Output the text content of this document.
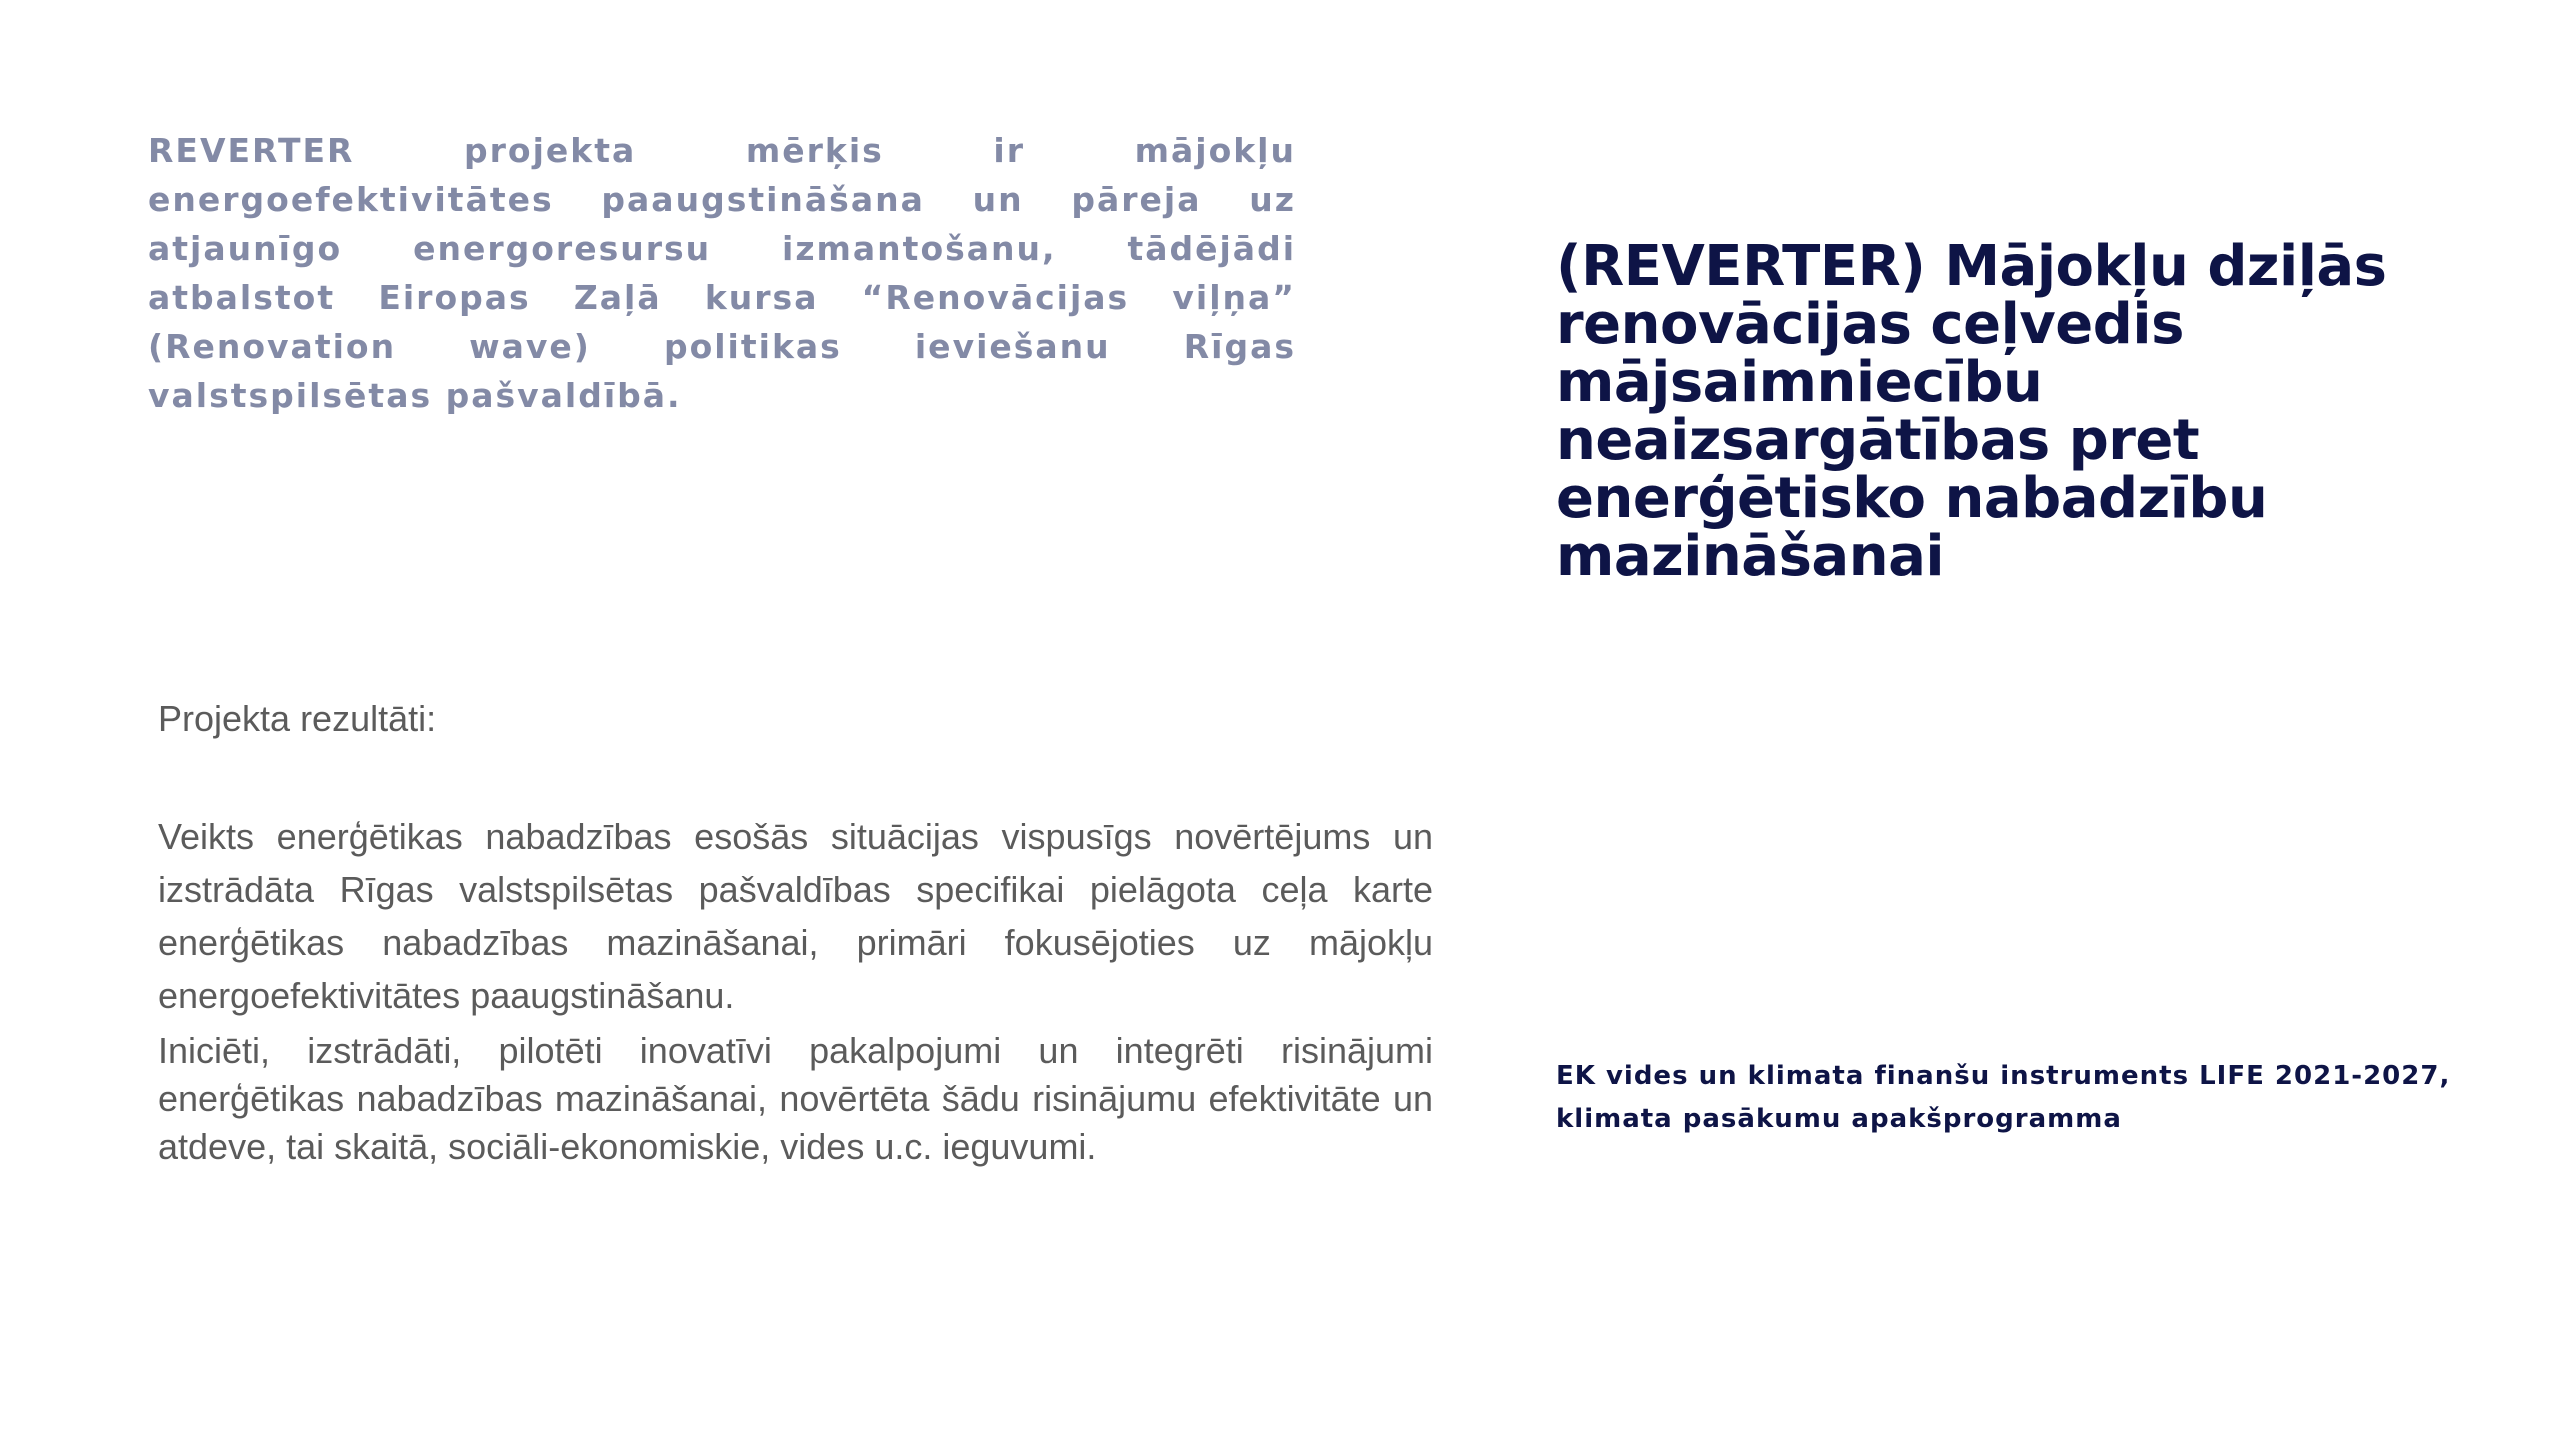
REVERTER projekta mērķis ir mājokļu energoefektivitātes paaugstināšana un pāreja uz atjaunīgo energoresursu izmantošanu, tādējādi atbalstot Eiropas Zaļā kursa “Renovācijas viļņa” (Renovation wave) politikas ieviešanu Rīgas valstspilsētas pašvaldībā.

(REVERTER) Mājokļu dziļās renovācijas ceļvedis mājsaimniecību neaizsargātības pret enerģētisko nabadzību mazināšanai

Projekta rezultāti:

Veikts enerģētikas nabadzības esošās situācijas vispusīgs novērtējums un izstrādāta Rīgas valstspilsētas pašvaldības specifikai pielāgota ceļa karte enerģētikas nabadzības mazināšanai, primāri fokusējoties uz mājokļu energoefektivitātes paaugstināšanu.

Iniciēti, izstrādāti, pilotēti inovatīvi pakalpojumi un integrēti risinājumi enerģētikas nabadzības mazināšanai, novērtēta šādu risinājumu efektivitāte un atdeve, tai skaitā, sociāli-ekonomiskie, vides u.c. ieguvumi.

EK vides un klimata finanšu instruments LIFE 2021-2027,
klimata pasākumu apakšprogramma
